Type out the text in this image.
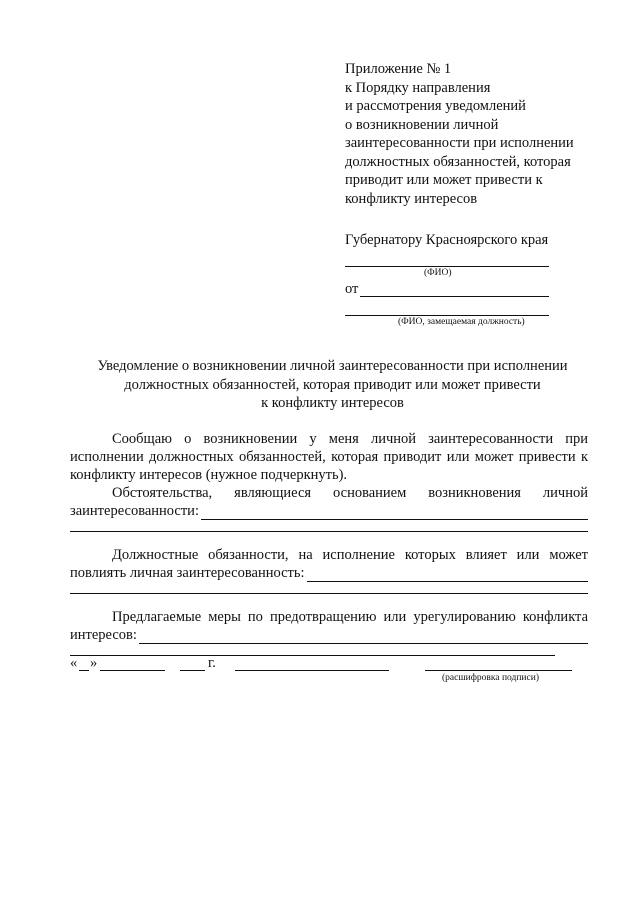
Приложение № 1
к Порядку направления
и рассмотрения уведомлений
о возникновении личной
заинтересованности при исполнении
должностных обязанностей, которая
приводит или может привести к
конфликту интересов
Губернатору Красноярского края
(ФИО)
от
(ФИО, замещаемая должность)
Уведомление о возникновении личной заинтересованности при исполнении
должностных обязанностей, которая приводит или может привести
к конфликту интересов

Сообщаю о возникновении у меня личной заинтересованности при исполнении должностных обязанностей, которая приводит или может привести к конфликту интересов (нужное подчеркнуть).

Обстоятельства, являющиеся основанием возникновения личной

заинтересованности:

Должностные обязанности, на исполнение которых влияет или может

повлиять личная заинтересованность:

Предлагаемые меры по предотвращению или урегулированию конфликта

интересов:
« »	г.
(расшифровка подписи)
